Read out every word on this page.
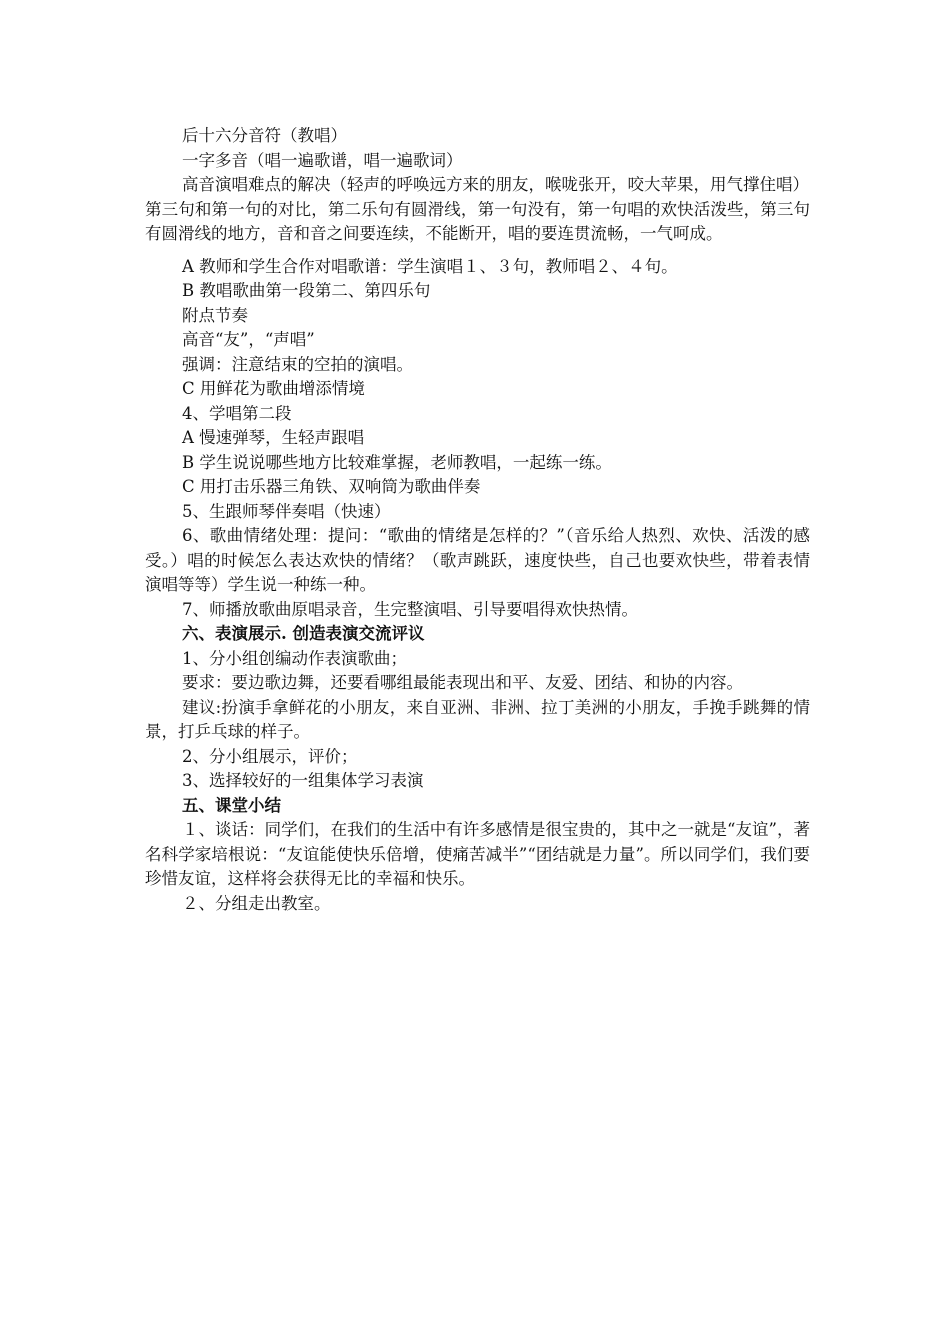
后十六分音符（教唱）

一字多音（唱一遍歌谱，唱一遍歌词）

高音演唱难点的解决（轻声的呼唤远方来的朋友，喉咙张开，咬大苹果，用气撑住唱）

第三句和第一句的对比，第二乐句有圆滑线，第一句没有，第一句唱的欢快活泼些，第三句有圆滑线的地方，音和音之间要连续，不能断开，唱的要连贯流畅，一气呵成。

A 教师和学生合作对唱歌谱：学生演唱１、３句，教师唱２、４句。

B 教唱歌曲第一段第二、第四乐句

附点节奏

高音“友”，“声唱”

强调：注意结束的空拍的演唱。

C 用鲜花为歌曲增添情境

4、学唱第二段

A 慢速弹琴，生轻声跟唱

B 学生说说哪些地方比较难掌握，老师教唱，一起练一练。

C 用打击乐器三角铁、双响筒为歌曲伴奏

5、生跟师琴伴奏唱（快速）

6、歌曲情绪处理：提问：“歌曲的情绪是怎样的？”（音乐给人热烈、欢快、活泼的感受。）唱的时候怎么表达欢快的情绪？（歌声跳跃，速度快些，自己也要欢快些，带着表情演唱等等）学生说一种练一种。

7、师播放歌曲原唱录音，生完整演唱、引导要唱得欢快热情。

六、表演展示. 创造表演交流评议

1、分小组创编动作表演歌曲；

要求：要边歌边舞，还要看哪组最能表现出和平、友爱、团结、和协的内容。

建议:扮演手拿鲜花的小朋友，来自亚洲、非洲、拉丁美洲的小朋友，手挽手跳舞的情景，打乒乓球的样子。

2、分小组展示，评价；

3、选择较好的一组集体学习表演

五、课堂小结

１、谈话：同学们，在我们的生活中有许多感情是很宝贵的，其中之一就是“友谊”，著名科学家培根说：“友谊能使快乐倍增，使痛苦减半”“团结就是力量”。所以同学们，我们要珍惜友谊，这样将会获得无比的幸福和快乐。

２、分组走出教室。
